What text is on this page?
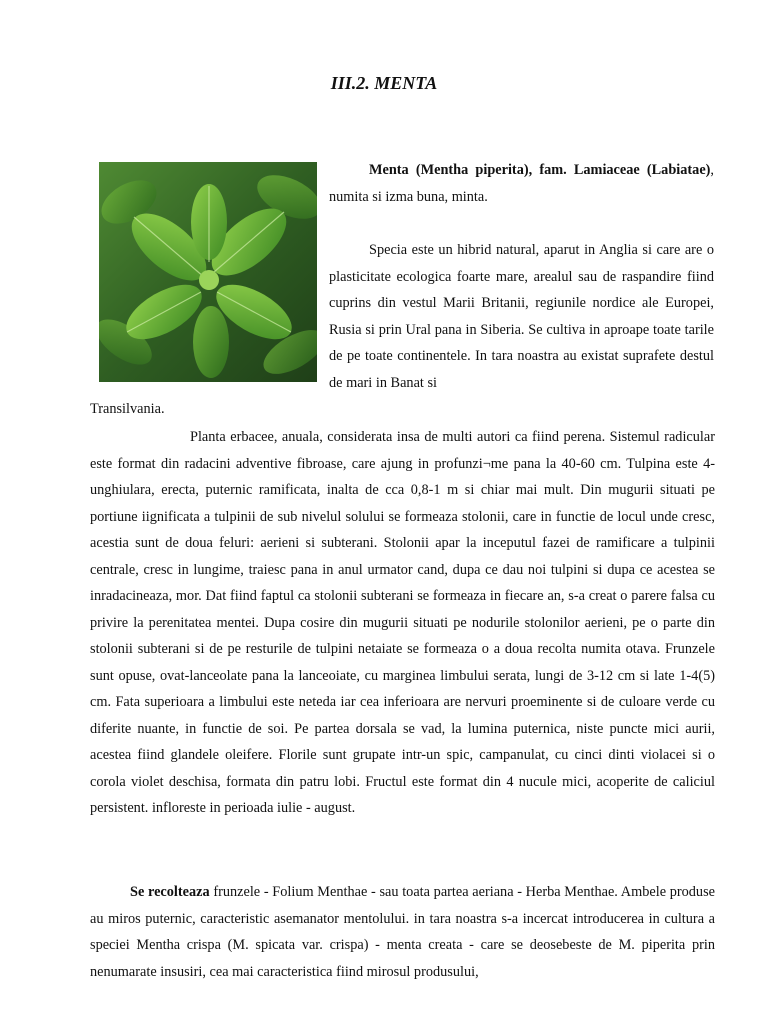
III.2. MENTA

Menta (Mentha piperita), fam. Lamiaceae (Labiatae), numita si izma buna, minta.

Specia este un hibrid natural, aparut in Anglia si care are o plasticitate ecologica foarte mare, arealul sau de raspandire fiind cuprins din vestul Marii Britanii, regiunile nordice ale Europei, Rusia si prin Ural pana in Siberia. Se cultiva in aproape toate tarile de pe toate continentele. In tara noastra au existat suprafete destul de mari in Banat si

Transilvania.

Planta erbacee, anuala, considerata insa de multi autori ca fiind perena. Sistemul radicular este format din radacini adventive fibroase, care ajung in profunzi¬me pana la 40-60 cm. Tulpina este 4-unghiulara, erecta, puternic ramificata, inalta de cca 0,8-1 m si chiar mai mult. Din mugurii situati pe portiune iignificata a tulpinii de sub nivelul solului se formeaza stolonii, care in functie de locul unde cresc, acestia sunt de doua feluri: aerieni si subterani. Stolonii apar la inceputul fazei de ramificare a tulpinii centrale, cresc in lungime, traiesc pana in anul urmator cand, dupa ce dau noi tulpini si dupa ce acestea se inradacineaza, mor. Dat fiind faptul ca stolonii subterani se formeaza in fiecare an, s-a creat o parere falsa cu privire la perenitatea mentei. Dupa cosire din mugurii situati pe nodurile stolonilor aerieni, pe o parte din stolonii subterani si de pe resturile de tulpini netaiate se formeaza o a doua recolta numita otava. Frunzele sunt opuse, ovat-lanceolate pana la lanceoiate, cu marginea limbului serata, lungi de 3-12 cm si late 1-4(5) cm. Fata superioara a limbului este neteda iar cea inferioara are nervuri proeminente si de culoare verde cu diferite nuante, in functie de soi. Pe partea dorsala se vad, la lumina puternica, niste puncte mici aurii, acestea fiind glandele oleifere. Florile sunt grupate intr-un spic, campanulat, cu cinci dinti violacei si o corola violet deschisa, formata din patru lobi. Fructul este format din 4 nucule mici, acoperite de caliciul persistent. infloreste in perioada iulie - august.

Se recolteaza frunzele - Folium Menthae - sau toata partea aeriana - Herba Menthae. Ambele produse au miros puternic, caracteristic asemanator mentolului. in tara noastra s-a incercat introducerea in cultura a speciei Mentha crispa (M. spicata var. crispa) - menta creata - care se deosebeste de M. piperita prin nenumarate insusiri, cea mai caracteristica fiind mirosul produsului,
